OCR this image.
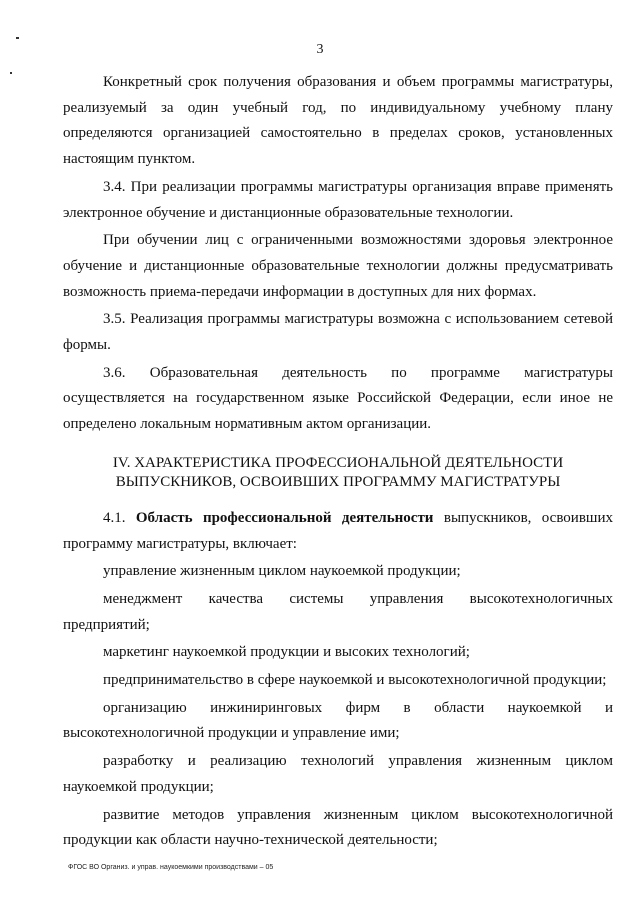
3

Конкретный срок получения образования и объем программы магистратуры, реализуемый за один учебный год, по индивидуальному учебному плану определяются организацией самостоятельно в пределах сроков, установленных настоящим пунктом.

3.4. При реализации программы магистратуры организация вправе применять электронное обучение и дистанционные образовательные технологии.

При обучении лиц с ограниченными возможностями здоровья электронное обучение и дистанционные образовательные технологии должны предусматривать возможность приема-передачи информации в доступных для них формах.

3.5. Реализация программы магистратуры возможна с использованием сетевой формы.

3.6. Образовательная деятельность по программе магистратуры осуществляется на государственном языке Российской Федерации, если иное не определено локальным нормативным актом организации.

IV. ХАРАКТЕРИСТИКА ПРОФЕССИОНАЛЬНОЙ ДЕЯТЕЛЬНОСТИ
ВЫПУСКНИКОВ, ОСВОИВШИХ ПРОГРАММУ МАГИСТРАТУРЫ

4.1. Область профессиональной деятельности выпускников, освоивших программу магистратуры, включает:

управление жизненным циклом наукоемкой продукции;

менеджмент качества системы управления высокотехнологичных предприятий;

маркетинг наукоемкой продукции и высоких технологий;

предпринимательство в сфере наукоемкой и высокотехнологичной продукции;

организацию инжиниринговых фирм в области наукоемкой и высокотехнологичной продукции и управление ими;

разработку и реализацию технологий управления жизненным циклом наукоемкой продукции;

развитие методов управления жизненным циклом высокотехнологичной продукции как области научно-технической деятельности;

ФГОС ВО Организ. и управ. наукоемкими производствами – 05
